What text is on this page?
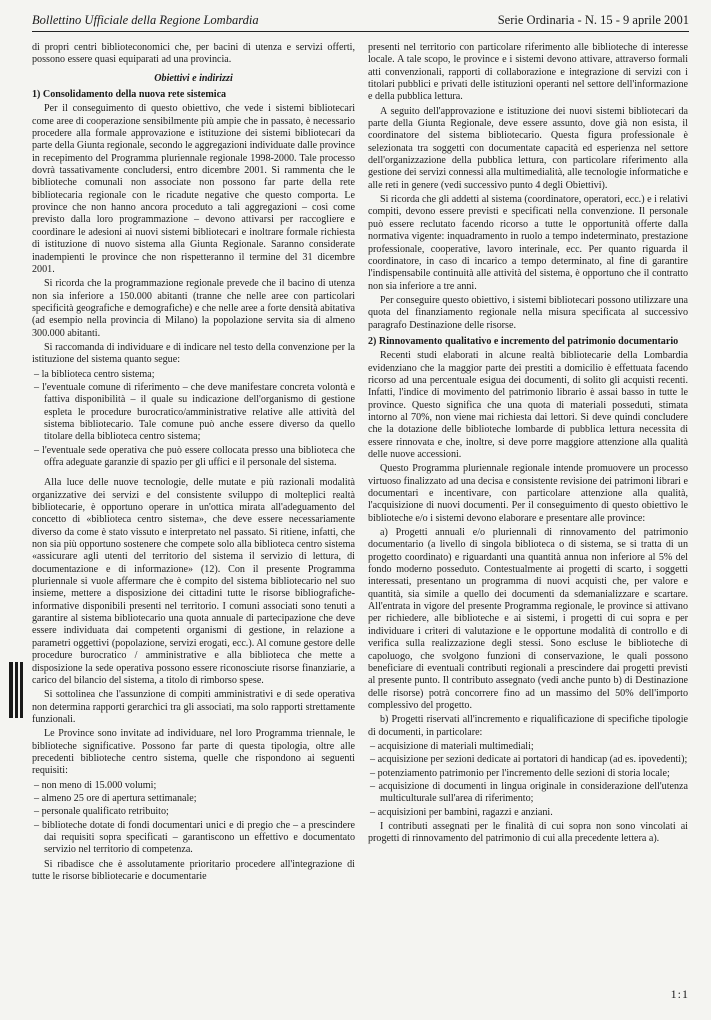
Bollettino Ufficiale della Regione Lombardia	Serie Ordinaria - N. 15 - 9 aprile 2001

di propri centri biblioteconomici che, per bacini di utenza e servizi offerti, possono essere quasi equiparati ad una provincia.

Obiettivi e indirizzi
1) Consolidamento della nuova rete sistemica

Per il conseguimento di questo obiettivo, che vede i sistemi bibliotecari come aree di cooperazione sensibilmente più ampie che in passato, è necessario procedere alla formale approvazione e istituzione dei sistemi bibliotecari da parte della Giunta regionale, secondo le aggregazioni individuate dalle province in recepimento del Programma pluriennale regionale 1998-2000. Tale processo dovrà tassativamente concludersi, entro dicembre 2001. Si rammenta che le biblioteche comunali non associate non possono far parte della rete bibliotecaria regionale con le ricadute negative che questo comporta. Le province che non hanno ancora proceduto a tali aggregazioni – così come previsto dalla loro programmazione – devono attivarsi per raccogliere e coordinare le adesioni ai nuovi sistemi bibliotecari e inoltrare formale richiesta di istituzione di nuovo sistema alla Giunta Regionale. Saranno considerate inadempienti le province che non rispetteranno il termine del 31 dicembre 2001.

Si ricorda che la programmazione regionale prevede che il bacino di utenza non sia inferiore a 150.000 abitanti (tranne che nelle aree con particolari specificità geografiche e demografiche) e che nelle aree a forte densità abitativa (ad esempio nella provincia di Milano) la popolazione servita sia di almeno 300.000 abitanti.

Si raccomanda di individuare e di indicare nel testo della convenzione per la istituzione del sistema quanto segue:

– la biblioteca centro sistema;
– l'eventuale comune di riferimento – che deve manifestare concreta volontà e fattiva disponibilità – il quale su indicazione dell'organismo di gestione espleta le procedure burocratico/amministrative relative alle attività del sistema bibliotecario. Tale comune può anche essere diverso da quello titolare della biblioteca centro sistema;
– l'eventuale sede operativa che può essere collocata presso una biblioteca che offra adeguate garanzie di spazio per gli uffici e il personale del sistema.

Alla luce delle nuove tecnologie, delle mutate e più razionali modalità organizzative dei servizi e del consistente sviluppo di molteplici realtà bibliotecarie, è opportuno operare in un'ottica mirata all'adeguamento del concetto di «biblioteca centro sistema», che deve essere necessariamente diverso da come è stato vissuto e interpretato nel passato. Si ritiene, infatti, che non sia più opportuno sostenere che compete solo alla biblioteca centro sistema «assicurare agli utenti del territorio del sistema il servizio di lettura, di documentazione e di informazione» (12). Con il presente Programma pluriennale si vuole affermare che è compito del sistema bibliotecario nel suo insieme, mettere a disposizione dei cittadini tutte le risorse bibliografiche-informative disponibili presenti nel territorio. I comuni associati sono tenuti a garantire al sistema bibliotecario una quota annuale di partecipazione che deve essere individuata dai competenti organismi di gestione, in relazione a parametri oggettivi (popolazione, servizi erogati, ecc.). Al comune gestore delle procedure burocratico / amministrative e alla biblioteca che mette a disposizione la sede operativa possono essere riconosciute risorse finanziarie, a carico del bilancio del sistema, a titolo di rimborso spese.

Si sottolinea che l'assunzione di compiti amministrativi e di sede operativa non determina rapporti gerarchici tra gli associati, ma solo rapporti strettamente funzionali.

Le Province sono invitate ad individuare, nel loro Programma triennale, le biblioteche significative. Possono far parte di questa tipologia, oltre alle precedenti biblioteche centro sistema, quelle che rispondono ai seguenti requisiti:

– non meno di 15.000 volumi;
– almeno 25 ore di apertura settimanale;
– personale qualificato retribuito;
– biblioteche dotate di fondi documentari unici e di pregio che – a prescindere dai requisiti sopra specificati – garantiscono un effettivo e documentato servizio nel territorio di competenza.

Si ribadisce che è assolutamente prioritario procedere all'integrazione di tutte le risorse bibliotecarie e documentarie

presenti nel territorio con particolare riferimento alle biblioteche di interesse locale. A tale scopo, le province e i sistemi devono attivare, attraverso formali atti convenzionali, rapporti di collaborazione e integrazione di servizi con i titolari pubblici e privati delle istituzioni operanti nel settore dell'informazione e della pubblica lettura.

A seguito dell'approvazione e istituzione dei nuovi sistemi bibliotecari da parte della Giunta Regionale, deve essere assunto, dove già non esista, il coordinatore del sistema bibliotecario. Questa figura professionale è selezionata tra soggetti con documentate capacità ed esperienza nel settore dell'organizzazione della pubblica lettura, con particolare riferimento alla gestione dei servizi connessi alla multimedialità, alle tecnologie informatiche e alle reti in genere (vedi successivo punto 4 degli Obiettivi).

Si ricorda che gli addetti al sistema (coordinatore, operatori, ecc.) e i relativi compiti, devono essere previsti e specificati nella convenzione. Il personale può essere reclutato facendo ricorso a tutte le opportunità offerte dalla normativa vigente: inquadramento in ruolo a tempo indeterminato, prestazione professionale, cooperative, lavoro interinale, ecc. Per quanto riguarda il coordinatore, in caso di incarico a tempo determinato, al fine di garantire l'indispensabile continuità alle attività del sistema, è opportuno che il contratto non sia inferiore a tre anni.

Per conseguire questo obiettivo, i sistemi bibliotecari possono utilizzare una quota del finanziamento regionale nella misura specificata al successivo paragrafo Destinazione delle risorse.

2) Rinnovamento qualitativo e incremento del patrimonio documentario

Recenti studi elaborati in alcune realtà bibliotecarie della Lombardia evidenziano che la maggior parte dei prestiti a domicilio è effettuata facendo ricorso ad una percentuale esigua dei documenti, di solito gli acquisti recenti. Infatti, l'indice di movimento del patrimonio librario è assai basso in tutte le province. Questo significa che una quota di materiali posseduti, stimata intorno al 70%, non viene mai richiesta dai lettori. Si deve quindi concludere che la dotazione delle biblioteche lombarde di pubblica lettura necessita di essere rinnovata e che, inoltre, si deve porre maggiore attenzione alla qualità delle nuove accessioni.

Questo Programma pluriennale regionale intende promuovere un processo virtuoso finalizzato ad una decisa e consistente revisione dei patrimoni librari e documentari e incentivare, con particolare attenzione alla qualità, l'acquisizione di nuovi documenti. Per il conseguimento di questo obiettivo le biblioteche e/o i sistemi devono elaborare e presentare alle province:

a) Progetti annuali e/o pluriennali di rinnovamento del patrimonio documentario (a livello di singola biblioteca o di sistema, se si tratta di un progetto coordinato) e riguardanti una quantità annua non inferiore al 5% del fondo moderno posseduto. Contestualmente ai progetti di scarto, i soggetti interessati, presentano un programma di nuovi acquisti che, per valore e quantità, sia simile a quello dei documenti da sdemanializzare e scartare. All'entrata in vigore del presente Programma regionale, le province si attivano per richiedere, alle biblioteche e ai sistemi, i progetti di cui sopra e per individuare i criteri di valutazione e le opportune modalità di controllo e di verifica sulla realizzazione degli stessi. Sono escluse le biblioteche di capoluogo, che svolgono funzioni di conservazione, le quali possono beneficiare di eventuali contributi regionali a prescindere dai progetti previsti al presente punto. Il contributo assegnato (vedi anche punto b) di Destinazione delle risorse) potrà concorrere fino ad un massimo del 50% dell'importo complessivo del progetto.

b) Progetti riservati all'incremento e riqualificazione di specifiche tipologie di documenti, in particolare:

– acquisizione di materiali multimediali;
– acquisizione per sezioni dedicate ai portatori di handicap (ad es. ipovedenti);
– potenziamento patrimonio per l'incremento delle sezioni di storia locale;
– acquisizione di documenti in lingua originale in considerazione dell'utenza multiculturale sull'area di riferimento;
– acquisizioni per bambini, ragazzi e anziani.

I contributi assegnati per le finalità di cui sopra non sono vincolati ai progetti di rinnovamento del patrimonio di cui alla precedente lettera a).

1:1
